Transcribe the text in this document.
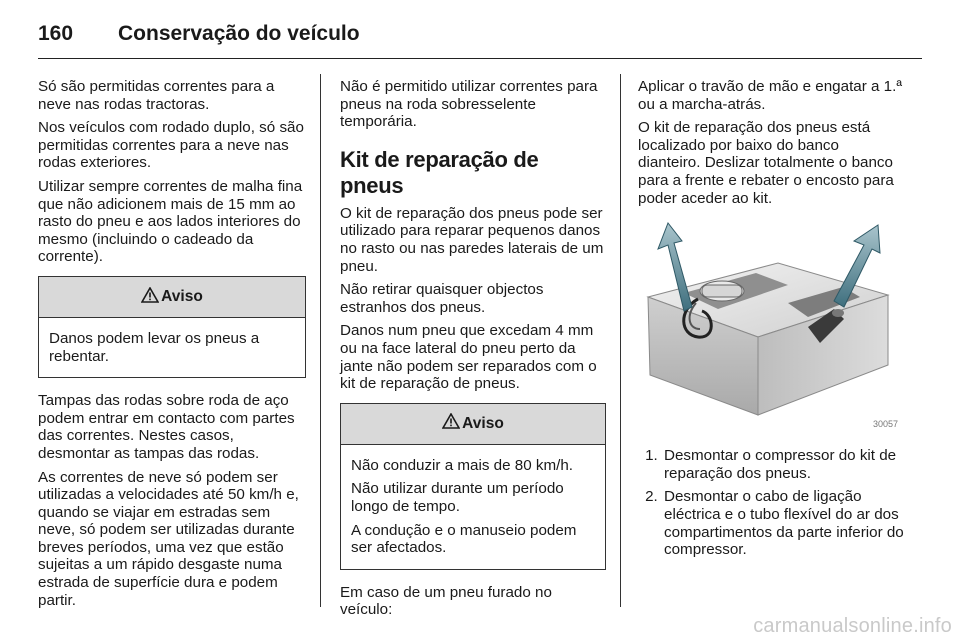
160	Conservação do veículo

Só são permitidas correntes para a neve nas rodas tractoras.

Nos veículos com rodado duplo, só são permitidas correntes para a neve nas rodas exteriores.

Utilizar sempre correntes de malha fina que não adicionem mais de 15 mm ao rasto do pneu e aos lados interiores do mesmo (incluindo o cadeado da corrente).

Aviso

Danos podem levar os pneus a rebentar.

Tampas das rodas sobre roda de aço podem entrar em contacto com partes das correntes. Nestes casos, desmontar as tampas das rodas.

As correntes de neve só podem ser utilizadas a velocidades até 50 km/h e, quando se viajar em estradas sem neve, só podem ser utilizadas durante breves períodos, uma vez que estão sujeitas a um rápido desgaste numa estrada de superfície dura e podem partir.

Não é permitido utilizar correntes para pneus na roda sobresselente temporária.

Kit de reparação de pneus

O kit de reparação dos pneus pode ser utilizado para reparar pequenos danos no rasto ou nas paredes laterais de um pneu.

Não retirar quaisquer objectos estranhos dos pneus.

Danos num pneu que excedam 4 mm ou na face lateral do pneu perto da jante não podem ser reparados com o kit de reparação de pneus.

Aviso

Não conduzir a mais de 80 km/h.

Não utilizar durante um período longo de tempo.

A condução e o manuseio podem ser afectados.

Em caso de um pneu furado no veículo:

Aplicar o travão de mão e engatar a 1.ª ou a marcha-atrás.

O kit de reparação dos pneus está localizado por baixo do banco dianteiro. Deslizar totalmente o banco para a frente e rebater o encosto para poder aceder ao kit.

30057
1. Desmontar o compressor do kit de reparação dos pneus.
2. Desmontar o cabo de ligação eléctrica e o tubo flexível do ar dos compartimentos da parte inferior do compressor.
carmanualsonline.info
